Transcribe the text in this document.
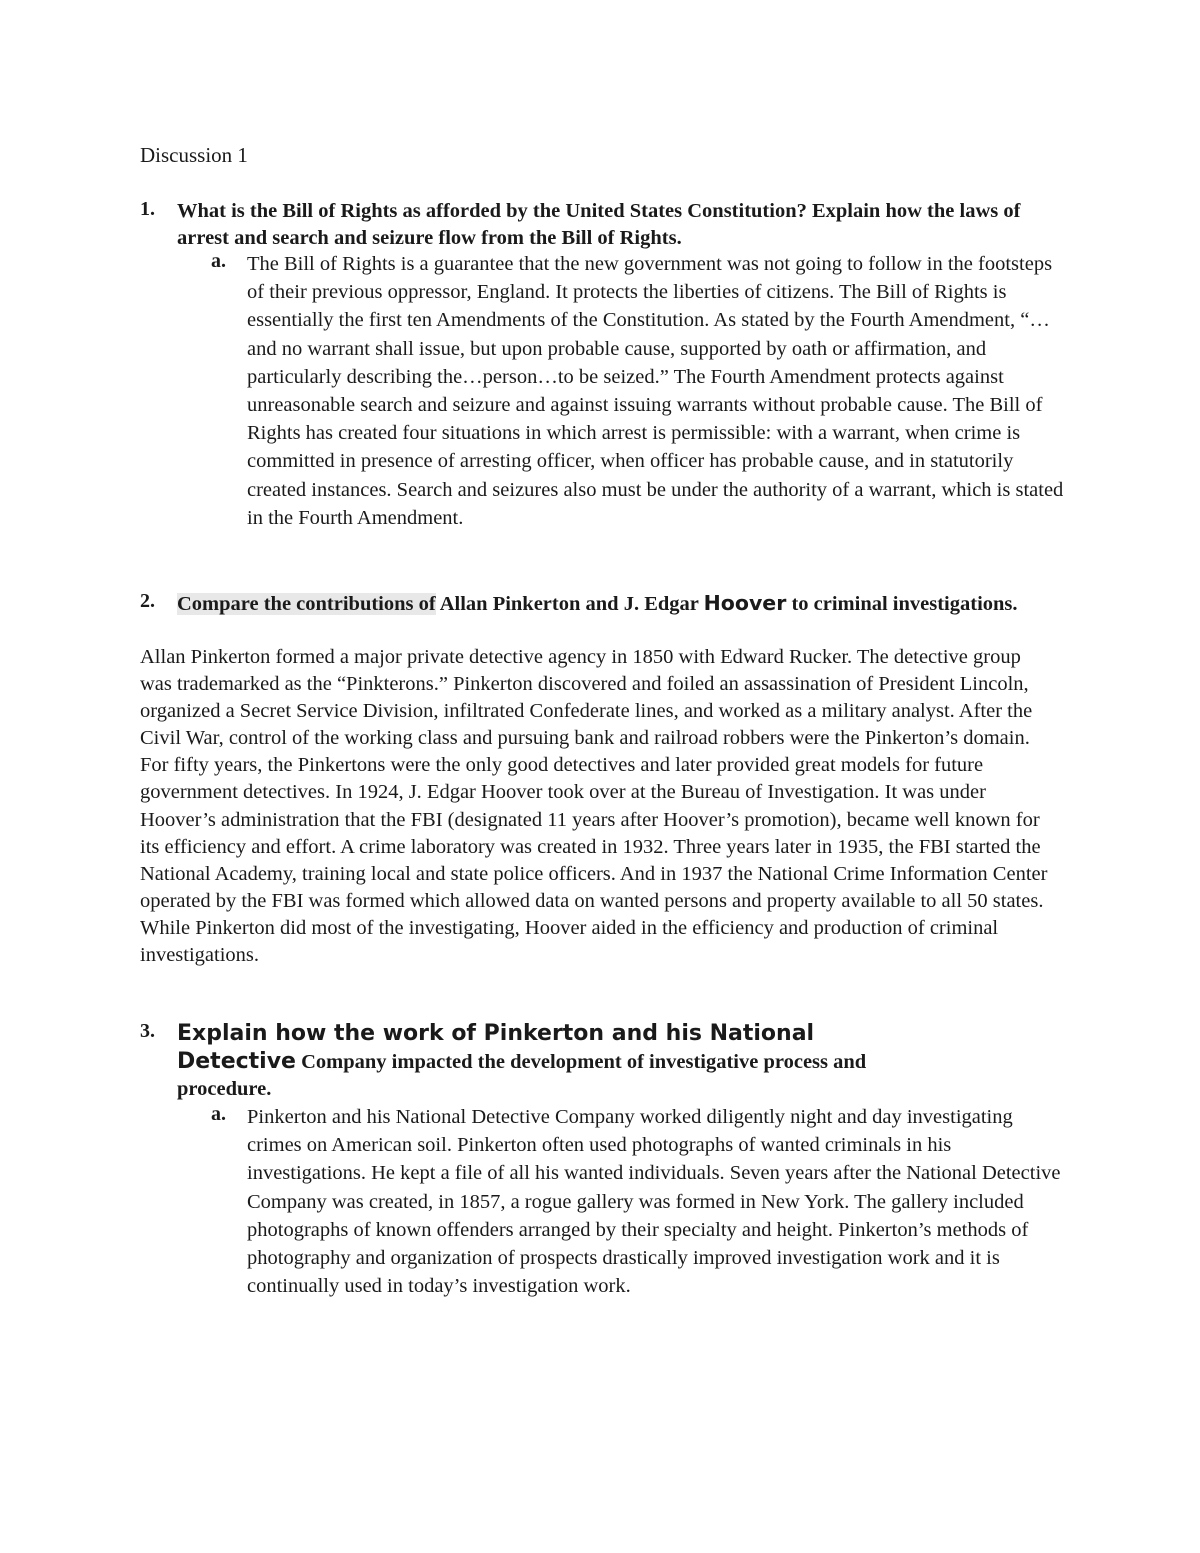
Discussion 1
1. What is the Bill of Rights as afforded by the United States Constitution? Explain how the laws of arrest and search and seizure flow from the Bill of Rights.
a. The Bill of Rights is a guarantee that the new government was not going to follow in the footsteps of their previous oppressor, England. It protects the liberties of citizens. The Bill of Rights is essentially the first ten Amendments of the Constitution. As stated by the Fourth Amendment, “…and no warrant shall issue, but upon probable cause, supported by oath or affirmation, and particularly describing the…person…to be seized.” The Fourth Amendment protects against unreasonable search and seizure and against issuing warrants without probable cause. The Bill of Rights has created four situations in which arrest is permissible: with a warrant, when crime is committed in presence of arresting officer, when officer has probable cause, and in statutorily created instances. Search and seizures also must be under the authority of a warrant, which is stated in the Fourth Amendment.
2. Compare the contributions of Allan Pinkerton and J. Edgar Hoover to criminal investigations.

Allan Pinkerton formed a major private detective agency in 1850 with Edward Rucker. The detective group was trademarked as the “Pinkterons.” Pinkerton discovered and foiled an assassination of President Lincoln, organized a Secret Service Division, infiltrated Confederate lines, and worked as a military analyst. After the Civil War, control of the working class and pursuing bank and railroad robbers were the Pinkerton’s domain. For fifty years, the Pinkertons were the only good detectives and later provided great models for future government detectives. In 1924, J. Edgar Hoover took over at the Bureau of Investigation. It was under Hoover’s administration that the FBI (designated 11 years after Hoover’s promotion), became well known for its efficiency and effort. A crime laboratory was created in 1932. Three years later in 1935, the FBI started the National Academy, training local and state police officers. And in 1937 the National Crime Information Center operated by the FBI was formed which allowed data on wanted persons and property available to all 50 states. While Pinkerton did most of the investigating, Hoover aided in the efficiency and production of criminal investigations.

3. Explain how the work of Pinkerton and his National Detective Company impacted the development of investigative process and procedure.
a. Pinkerton and his National Detective Company worked diligently night and day investigating crimes on American soil. Pinkerton often used photographs of wanted criminals in his investigations. He kept a file of all his wanted individuals. Seven years after the National Detective Company was created, in 1857, a rogue gallery was formed in New York. The gallery included photographs of known offenders arranged by their specialty and height. Pinkerton’s methods of photography and organization of prospects drastically improved investigation work and it is continually used in today’s investigation work.
